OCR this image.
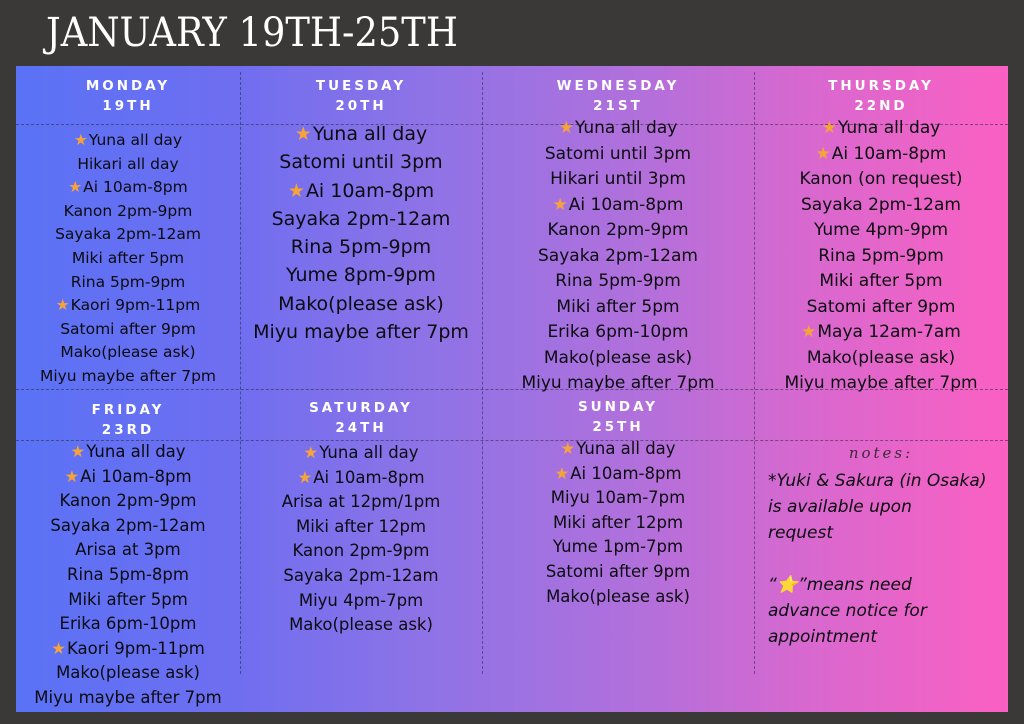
JANUARY 19TH-25TH
MONDAY
19TH
TUESDAY
20TH
WEDNESDAY
21ST
THURSDAY
22ND
FRIDAY
23RD
SATURDAY
24TH
SUNDAY
25TH
★Yuna all day
Hikari all day
★Ai 10am-8pm
Kanon 2pm-9pm
Sayaka 2pm-12am
Miki after 5pm
Rina 5pm-9pm
★Kaori 9pm-11pm
Satomi after 9pm
Mako(please ask)
Miyu maybe after 7pm
★Yuna all day
Satomi until 3pm
★Ai 10am-8pm
Sayaka 2pm-12am
Rina 5pm-9pm
Yume 8pm-9pm
Mako(please ask)
Miyu maybe after 7pm
★Yuna all day
Satomi until 3pm
Hikari until 3pm
★Ai 10am-8pm
Kanon 2pm-9pm
Sayaka 2pm-12am
Rina 5pm-9pm
Miki after 5pm
Erika 6pm-10pm
Mako(please ask)
Miyu maybe after 7pm
★Yuna all day
★Ai 10am-8pm
Kanon (on request)
Sayaka 2pm-12am
Yume 4pm-9pm
Rina 5pm-9pm
Miki after 5pm
Satomi after 9pm
★Maya 12am-7am
Mako(please ask)
Miyu maybe after 7pm
★Yuna all day
★Ai 10am-8pm
Kanon 2pm-9pm
Sayaka 2pm-12am
Arisa at 3pm
Rina 5pm-8pm
Miki after 5pm
Erika 6pm-10pm
★Kaori 9pm-11pm
Mako(please ask)
Miyu maybe after 7pm
★Yuna all day
★Ai 10am-8pm
Arisa at 12pm/1pm
Miki after 12pm
Kanon 2pm-9pm
Sayaka 2pm-12am
Miyu 4pm-7pm
Mako(please ask)
★Yuna all day
★Ai 10am-8pm
Miyu 10am-7pm
Miki after 12pm
Yume 1pm-7pm
Satomi after 9pm
Mako(please ask)
notes:
*Yuki & Sakura (in Osaka)
is available upon
request
“⭐”means need
advance notice for
appointment
